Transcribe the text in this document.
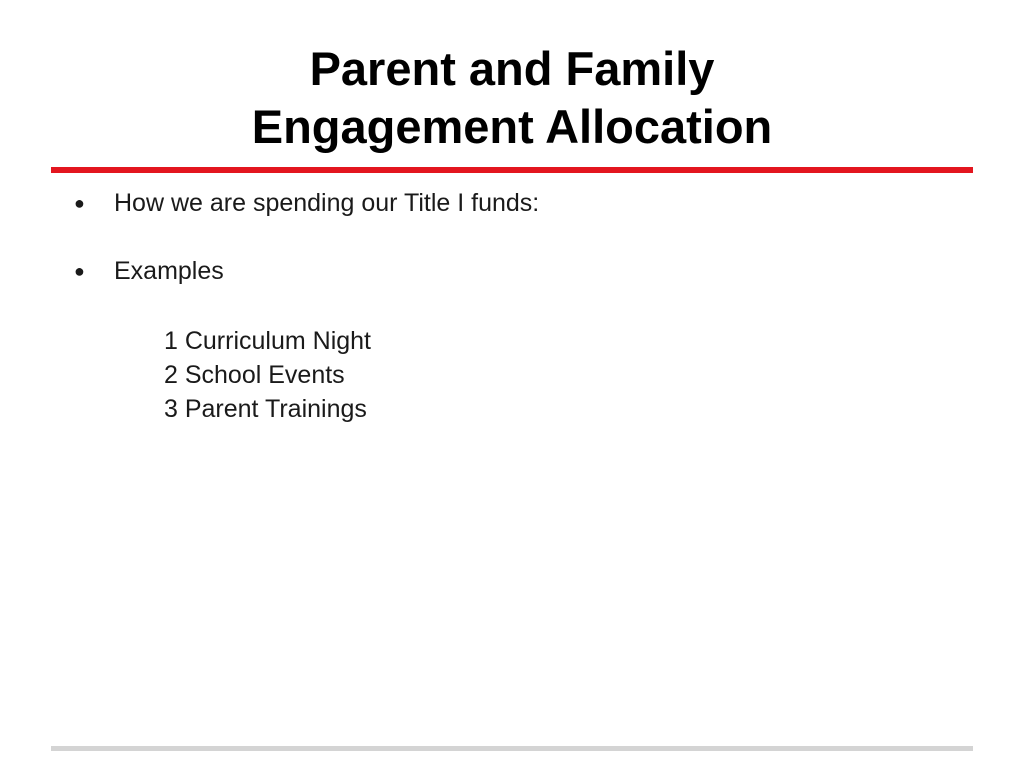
Parent and Family
Engagement Allocation
●	How we are spending our Title I funds:
●	Examples
1 Curriculum Night
2 School Events
3 Parent Trainings
